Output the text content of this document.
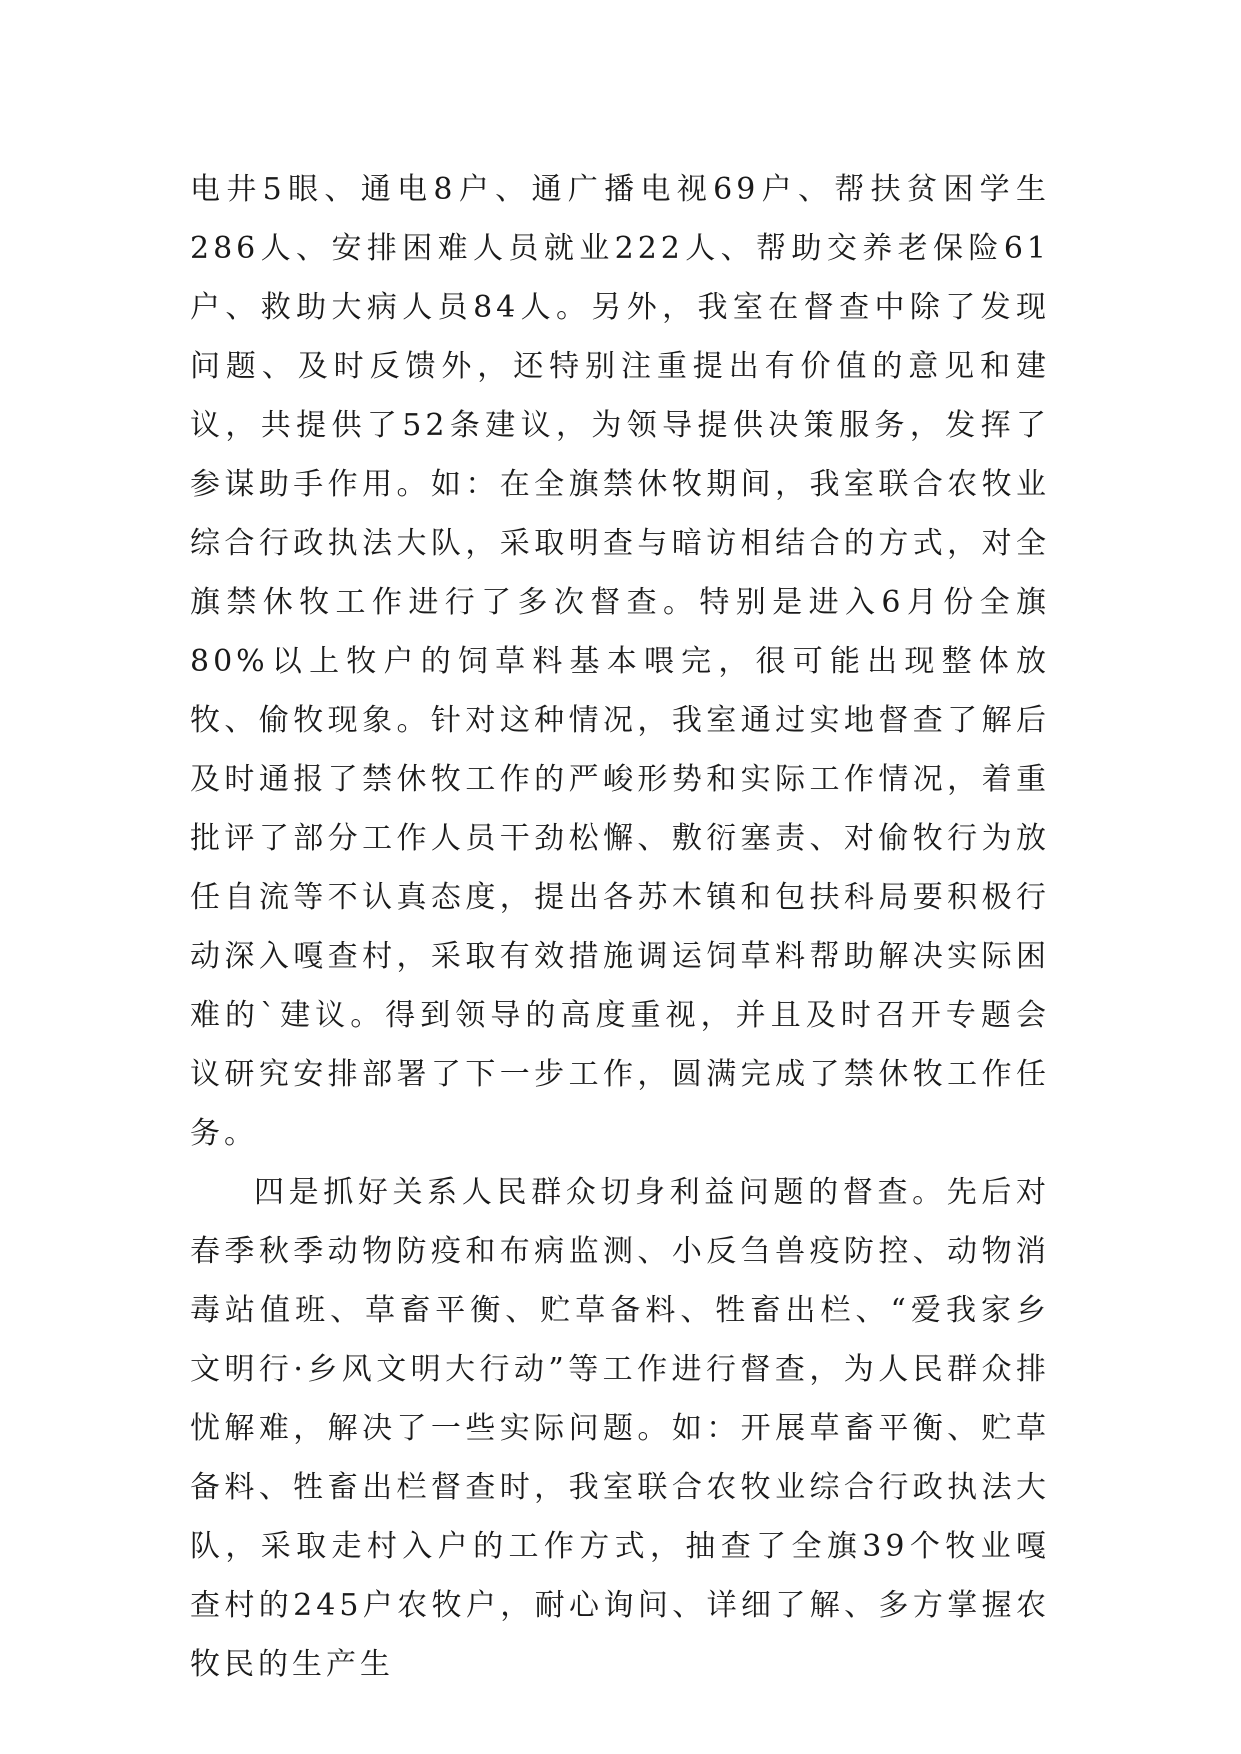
电井5眼、通电8户、通广播电视69户、帮扶贫困学生286人、安排困难人员就业222人、帮助交养老保险61户、救助大病人员84人。另外，我室在督查中除了发现问题、及时反馈外，还特别注重提出有价值的意见和建议，共提供了52条建议，为领导提供决策服务，发挥了参谋助手作用。如：在全旗禁休牧期间，我室联合农牧业综合行政执法大队，采取明查与暗访相结合的方式，对全旗禁休牧工作进行了多次督查。特别是进入6月份全旗80%以上牧户的饲草料基本喂完，很可能出现整体放牧、偷牧现象。针对这种情况，我室通过实地督查了解后及时通报了禁休牧工作的严峻形势和实际工作情况，着重批评了部分工作人员干劲松懈、敷衍塞责、对偷牧行为放任自流等不认真态度，提出各苏木镇和包扶科局要积极行动深入嘎查村，采取有效措施调运饲草料帮助解决实际困难的`建议。得到领导的高度重视，并且及时召开专题会议研究安排部署了下一步工作，圆满完成了禁休牧工作任务。

四是抓好关系人民群众切身利益问题的督查。先后对春季秋季动物防疫和布病监测、小反刍兽疫防控、动物消毒站值班、草畜平衡、贮草备料、牲畜出栏、“爱我家乡文明行·乡风文明大行动”等工作进行督查，为人民群众排忧解难，解决了一些实际问题。如：开展草畜平衡、贮草备料、牲畜出栏督查时，我室联合农牧业综合行政执法大队，采取走村入户的工作方式，抽查了全旗39个牧业嘎查村的245户农牧户，耐心询问、详细了解、多方掌握农牧民的生产生
